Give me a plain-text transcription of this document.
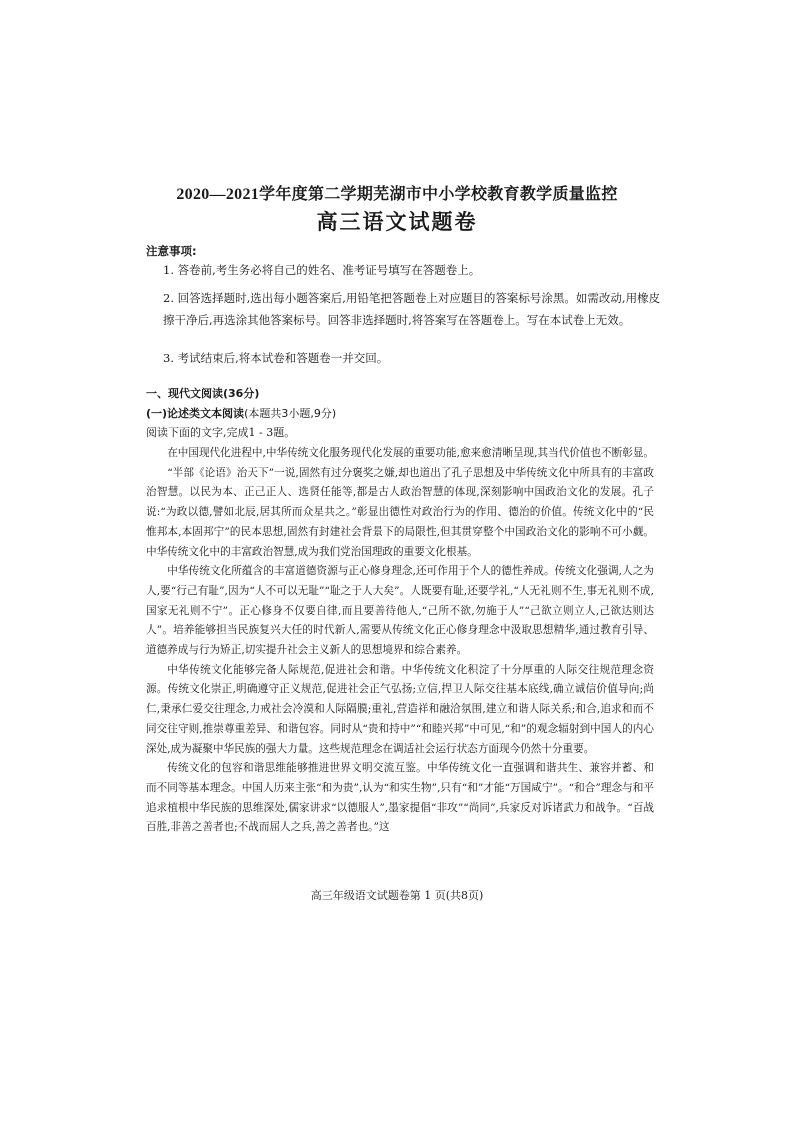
2020—2021学年度第二学期芜湖市中小学校教育教学质量监控
高三语文试题卷
注意事项:

1. 答卷前,考生务必将自己的姓名、准考证号填写在答题卷上。

2. 回答选择题时,选出每小题答案后,用铅笔把答题卷上对应题目的答案标号涂黑。如需改动,用橡皮擦干净后,再选涂其他答案标号。回答非选择题时,将答案写在答题卷上。写在本试卷上无效。

3. 考试结束后,将本试卷和答题卷一并交回。

一、现代文阅读(36分)
(一)论述类文本阅读(本题共3小题,9分)
阅读下面的文字,完成1 - 3题。

在中国现代化进程中,中华传统文化服务现代化发展的重要功能,愈来愈清晰呈现,其当代价值也不断彰显。

“半部《论语》治天下”一说,固然有过分褒奖之嫌,却也道出了孔子思想及中华传统文化中所具有的丰富政治智慧。以民为本、正己正人、选贤任能等,都是古人政治智慧的体现,深刻影响中国政治文化的发展。孔子说:“为政以德,譬如北辰,居其所而众星共之。”彰显出德性对政治行为的作用、德治的价值。传统文化中的“民惟邦本,本固邦宁”的民本思想,固然有封建社会背景下的局限性,但其贯穿整个中国政治文化的影响不可小觑。中华传统文化中的丰富政治智慧,成为我们党治国理政的重要文化根基。

中华传统文化所蕴含的丰富道德资源与正心修身理念,还可作用于个人的德性养成。传统文化强调,人之为人,要“行己有耻”,因为“人不可以无耻”“耻之于人大矣”。人既要有耻,还要学礼,“人无礼则不生,事无礼则不成,国家无礼则不宁”。正心修身不仅要自律,而且要善待他人,“己所不欲,勿施于人”“己欲立则立人,己欲达则达人”。培养能够担当民族复兴大任的时代新人,需要从传统文化正心修身理念中汲取思想精华,通过教育引导、道德养成与行为矫正,切实提升社会主义新人的思想境界和综合素养。

中华传统文化能够完备人际规范,促进社会和谐。中华传统文化积淀了十分厚重的人际交往规范理念资源。传统文化崇正,明确遵守正义规范,促进社会正气弘扬;立信,捍卫人际交往基本底线,确立诚信价值导向;尚仁,秉承仁爱交往理念,力戒社会冷漠和人际隔膜;重礼,营造祥和融洽氛围,建立和谐人际关系;和合,追求和而不同交往守则,推崇尊重差异、和谐包容。同时从“贵和持中”“和睦兴邦”中可见,“和”的观念辐射到中国人的内心深处,成为凝聚中华民族的强大力量。这些规范理念在调适社会运行状态方面现今仍然十分重要。

传统文化的包容和谐思维能够推进世界文明交流互鉴。中华传统文化一直强调和谐共生、兼容并蓄、和而不同等基本理念。中国人历来主张“和为贵”,认为“和实生物”,只有“和”才能“万国咸宁”。“和合”理念与和平追求植根中华民族的思维深处,儒家讲求“以德服人”,墨家提倡“非攻”“尚同”,兵家反对诉诸武力和战争。“百战百胜,非善之善者也;不战而屈人之兵,善之善者也。”这

高三年级语文试题卷第 1 页(共8页)
